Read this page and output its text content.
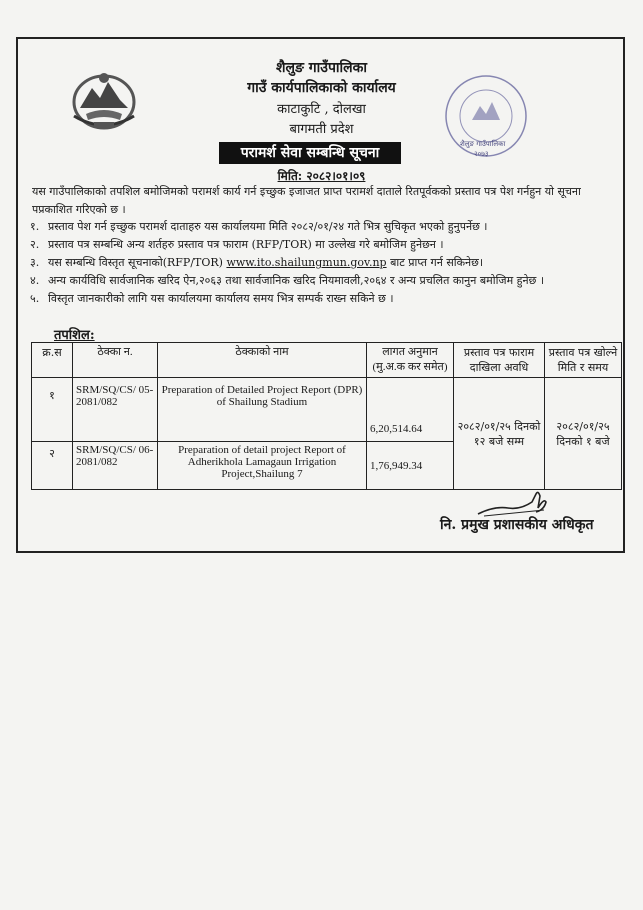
शैलुङ गाउँपालिका
२०७३
शैलुङ गाउँपालिका
गाउँ कार्यपालिकाको कार्यालय
काटाकुटि , दोलखा
बागमती प्रदेश
परामर्श सेवा सम्बन्धि सूचना
मिति: २०८२।०१।०९
यस गाउँपालिकाको तपशिल बमोजिमको परामर्श कार्य गर्न इच्छुक इजाजत प्राप्त परामर्श दाताले रितपूर्वकको प्रस्ताव पत्र पेश गर्नहुन यो सूचना पप्रकाशित गरिएको छ ।
१. प्रस्ताव पेश गर्न इच्छुक परामर्श दाताहरु यस कार्यालयमा मिति २०८२/०१/२४ गते भित्र सुचिकृत भएको हुनुपर्नेछ ।
२. प्रस्ताव पत्र सम्बन्धि अन्य शर्तहरु प्रस्ताव पत्र फाराम (RFP/TOR) मा उल्लेख गरे बमोजिम हुनेछन ।
३. यस सम्बन्धि विस्तृत सूचनाको(RFP/TOR) www.ito.shailungmun.gov.np बाट प्राप्त गर्न सकिनेछ।
४. अन्य कार्यविधि सार्वजानिक खरिद ऐन,२०६३ तथा सार्वजानिक खरिद नियमावली,२०६४ र अन्य प्रचलित कानुन बमोजिम हुनेछ ।
५. विस्तृत जानकारीको लागि यस कार्यालयमा कार्यालय समय भित्र सम्पर्क राख्न सकिने छ ।
तपशिल:
क्र.स	ठेक्का न.	ठेक्काको नाम	लागत अनुमान (मु.अ.क कर समेत)	प्रस्ताव पत्र फाराम दाखिला अवधि	प्रस्ताव पत्र खोल्ने मिति र समय
१	SRM/SQ/CS/ 05-2081/082	Preparation of Detailed Project Report (DPR) of Shailung Stadium	6,20,514.64	२०८२/०१/२५ दिनको १२ बजे सम्म	२०८२/०१/२५ दिनको १ बजे
२	SRM/SQ/CS/ 06-2081/082	Preparation of detail project Report of Adherikhola Lamagaun Irrigation Project,Shailung 7	1,76,949.34		
नि. प्रमुख प्रशासकीय अधिकृत
